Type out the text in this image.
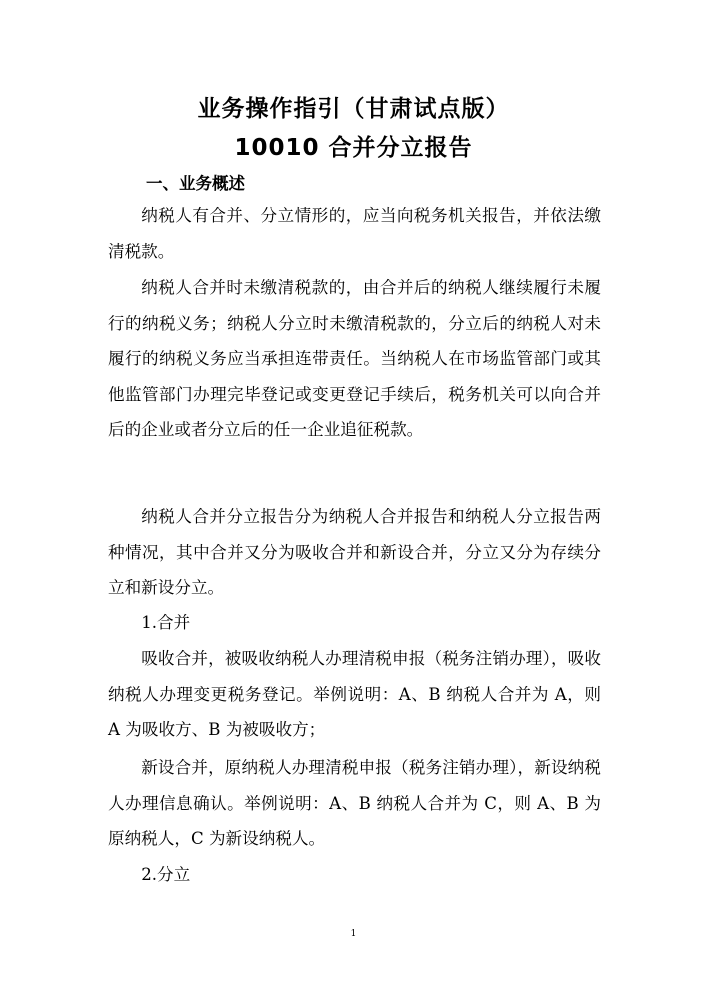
业务操作指引（甘肃试点版）
10010 合并分立报告
一、业务概述

纳税人有合并、分立情形的，应当向税务机关报告，并依法缴清税款。

纳税人合并时未缴清税款的，由合并后的纳税人继续履行未履行的纳税义务；纳税人分立时未缴清税款的，分立后的纳税人对未履行的纳税义务应当承担连带责任。当纳税人在市场监管部门或其他监管部门办理完毕登记或变更登记手续后，税务机关可以向合并后的企业或者分立后的任一企业追征税款。

纳税人合并分立报告分为纳税人合并报告和纳税人分立报告两种情况，其中合并又分为吸收合并和新设合并，分立又分为存续分立和新设分立。

1.合并

吸收合并，被吸收纳税人办理清税申报（税务注销办理），吸收纳税人办理变更税务登记。举例说明：A、B 纳税人合并为 A，则 A 为吸收方、B 为被吸收方；

新设合并，原纳税人办理清税申报（税务注销办理），新设纳税人办理信息确认。举例说明：A、B 纳税人合并为 C，则 A、B 为原纳税人，C 为新设纳税人。

2.分立

1
